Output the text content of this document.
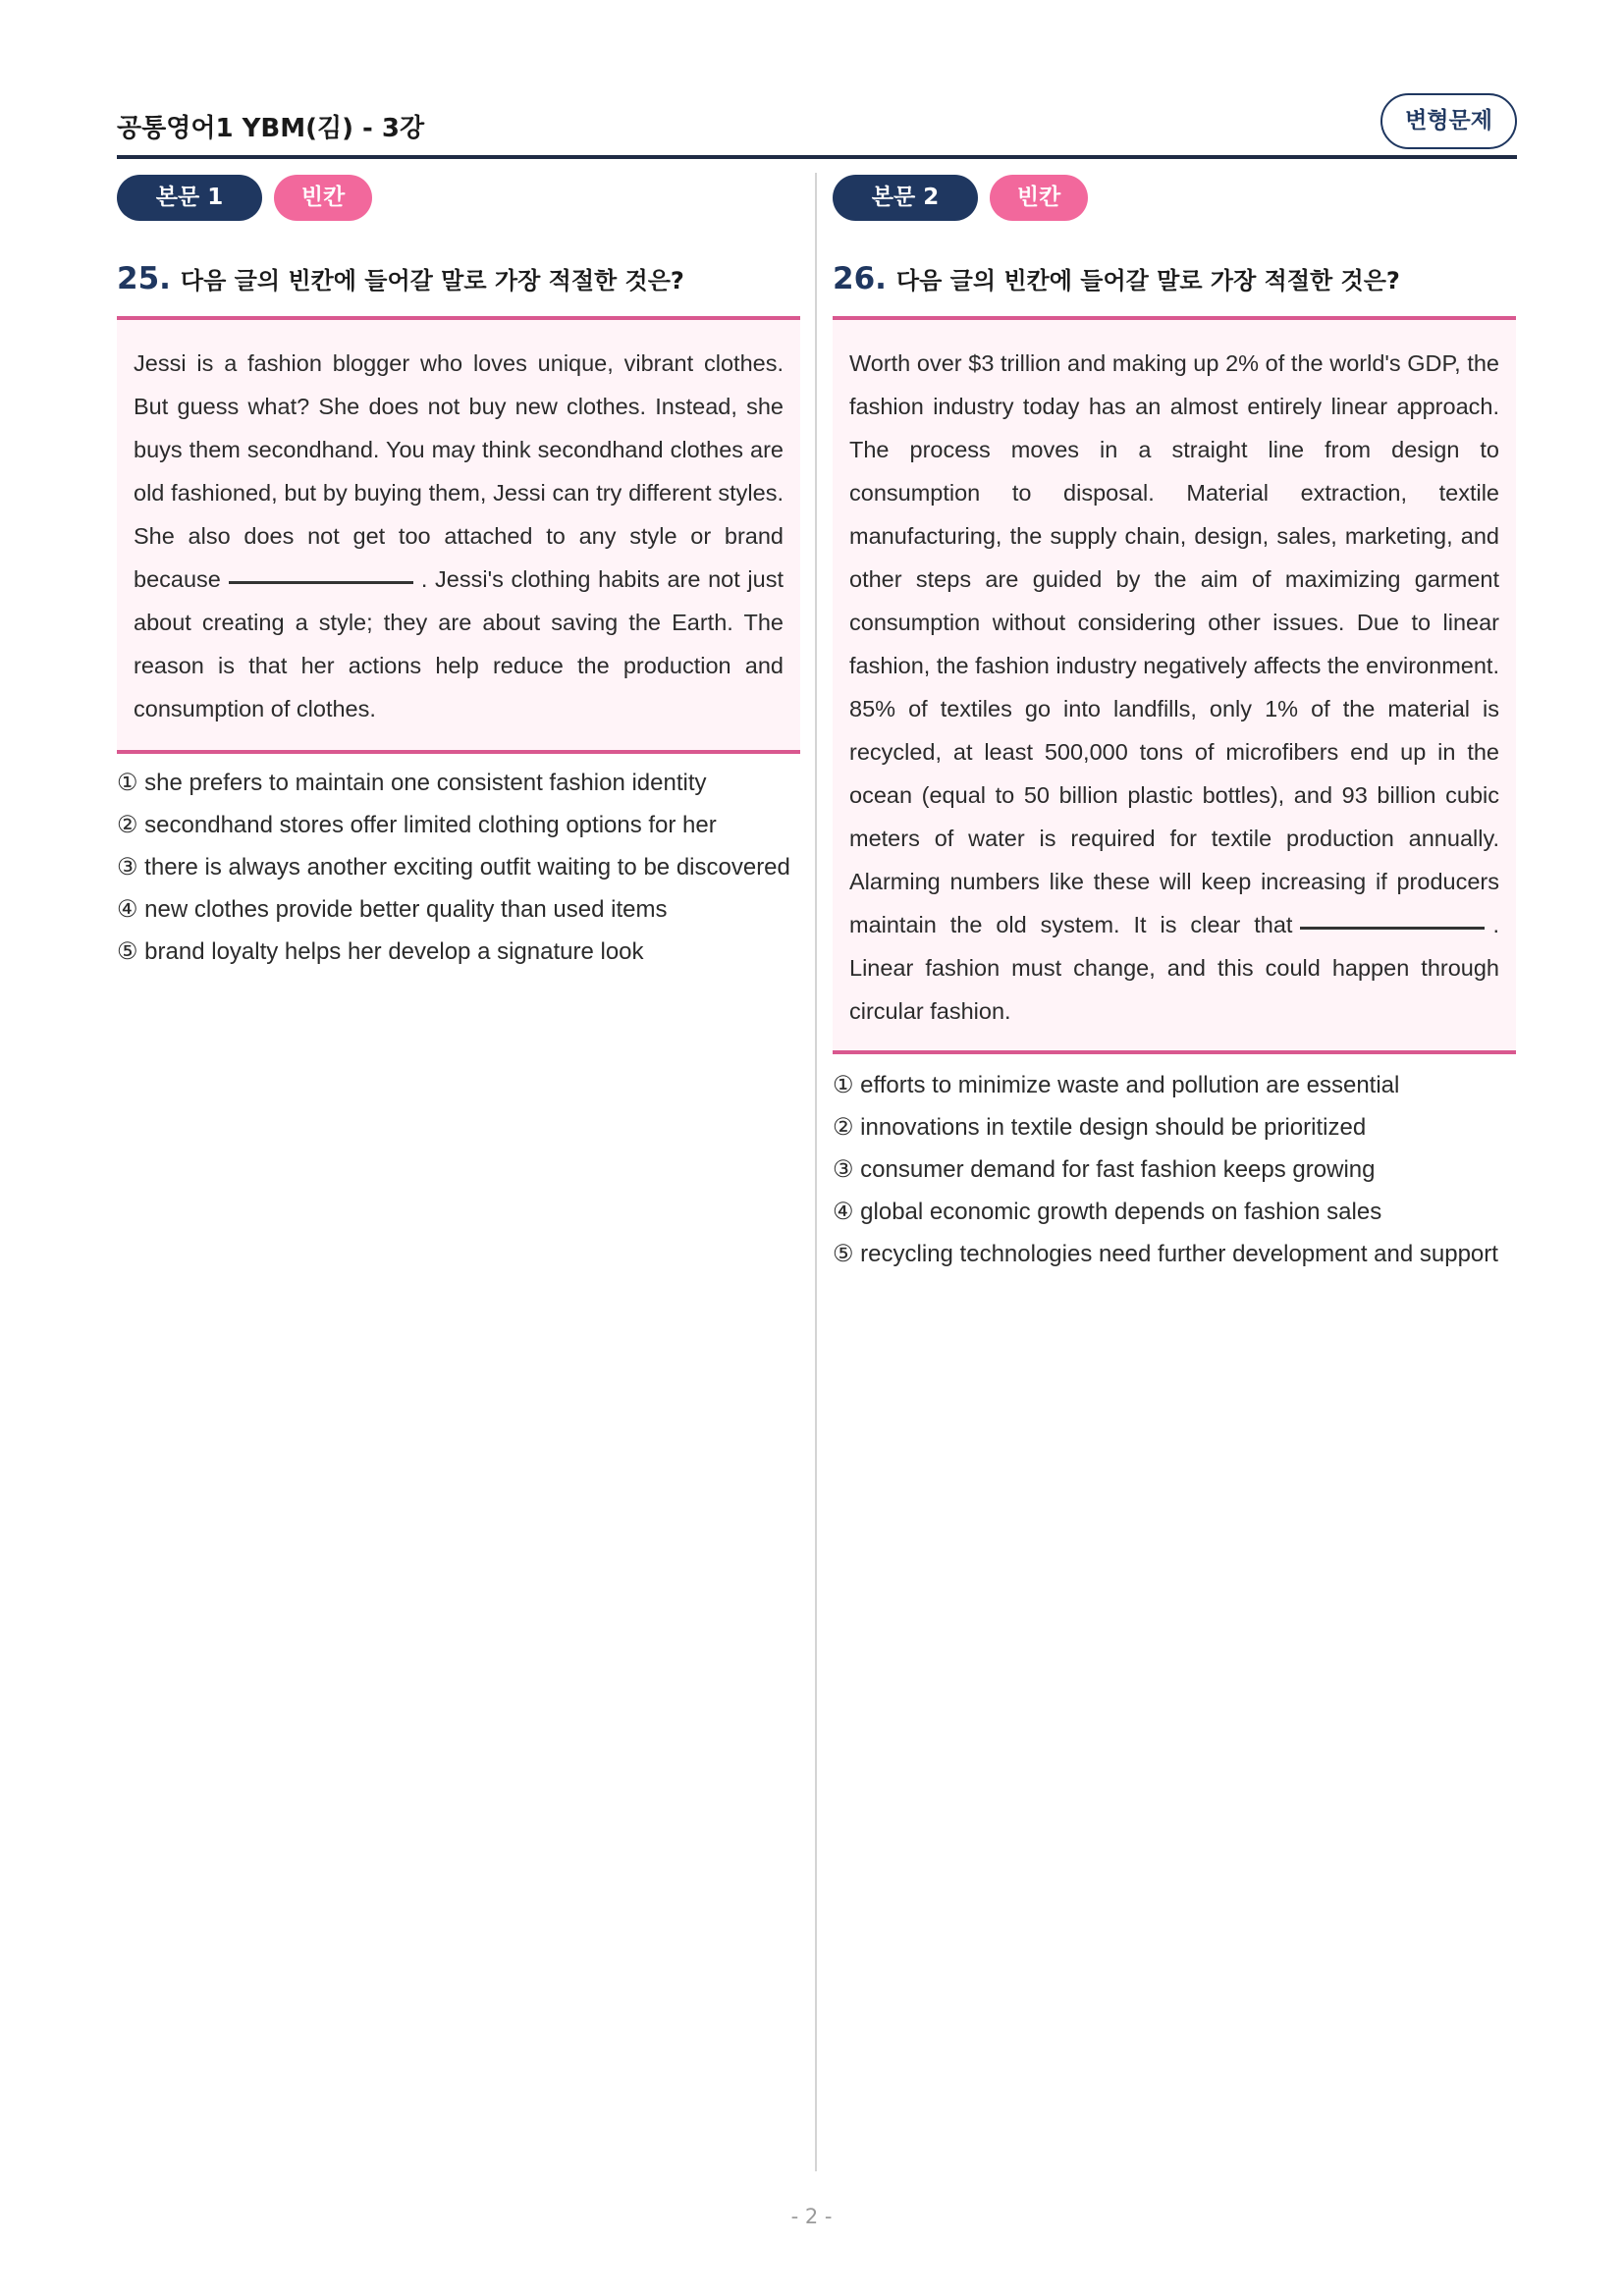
공통영어1 YBM(김) - 3강	변형문제
본문 1	빈칸
25. 다음 글의 빈칸에 들어갈 말로 가장 적절한 것은?

Jessi is a fashion blogger who loves unique, vibrant clothes. But guess what? She does not buy new clothes. Instead, she buys them secondhand. You may think secondhand clothes are old fashioned, but by buying them, Jessi can try different styles. She also does not get too attached to any style or brand because	. Jessi's clothing habits are not just about creating a style; they are about saving the Earth. The reason is that her actions help reduce the production and consumption of clothes.

① she prefers to maintain one consistent fashion identity
② secondhand stores offer limited clothing options for her
③ there is always another exciting outfit waiting to be discovered
④ new clothes provide better quality than used items
⑤ brand loyalty helps her develop a signature look
본문 2	빈칸
26. 다음 글의 빈칸에 들어갈 말로 가장 적절한 것은?

Worth over $3 trillion and making up 2% of the world's GDP, the fashion industry today has an almost entirely linear approach. The process moves in a straight line from design to consumption to disposal. Material extraction, textile manufacturing, the supply chain, design, sales, marketing, and other steps are guided by the aim of maximizing garment consumption without considering other issues. Due to linear fashion, the fashion industry negatively affects the environment. 85% of textiles go into landfills, only 1% of the material is recycled, at least 500,000 tons of microfibers end up in the ocean (equal to 50 billion plastic bottles), and 93 billion cubic meters of water is required for textile production annually. Alarming numbers like these will keep increasing if producers maintain the old system. It is clear that	. Linear fashion must change, and this could happen through circular fashion.

① efforts to minimize waste and pollution are essential
② innovations in textile design should be prioritized
③ consumer demand for fast fashion keeps growing
④ global economic growth depends on fashion sales
⑤ recycling technologies need further development and support
- 2 -
